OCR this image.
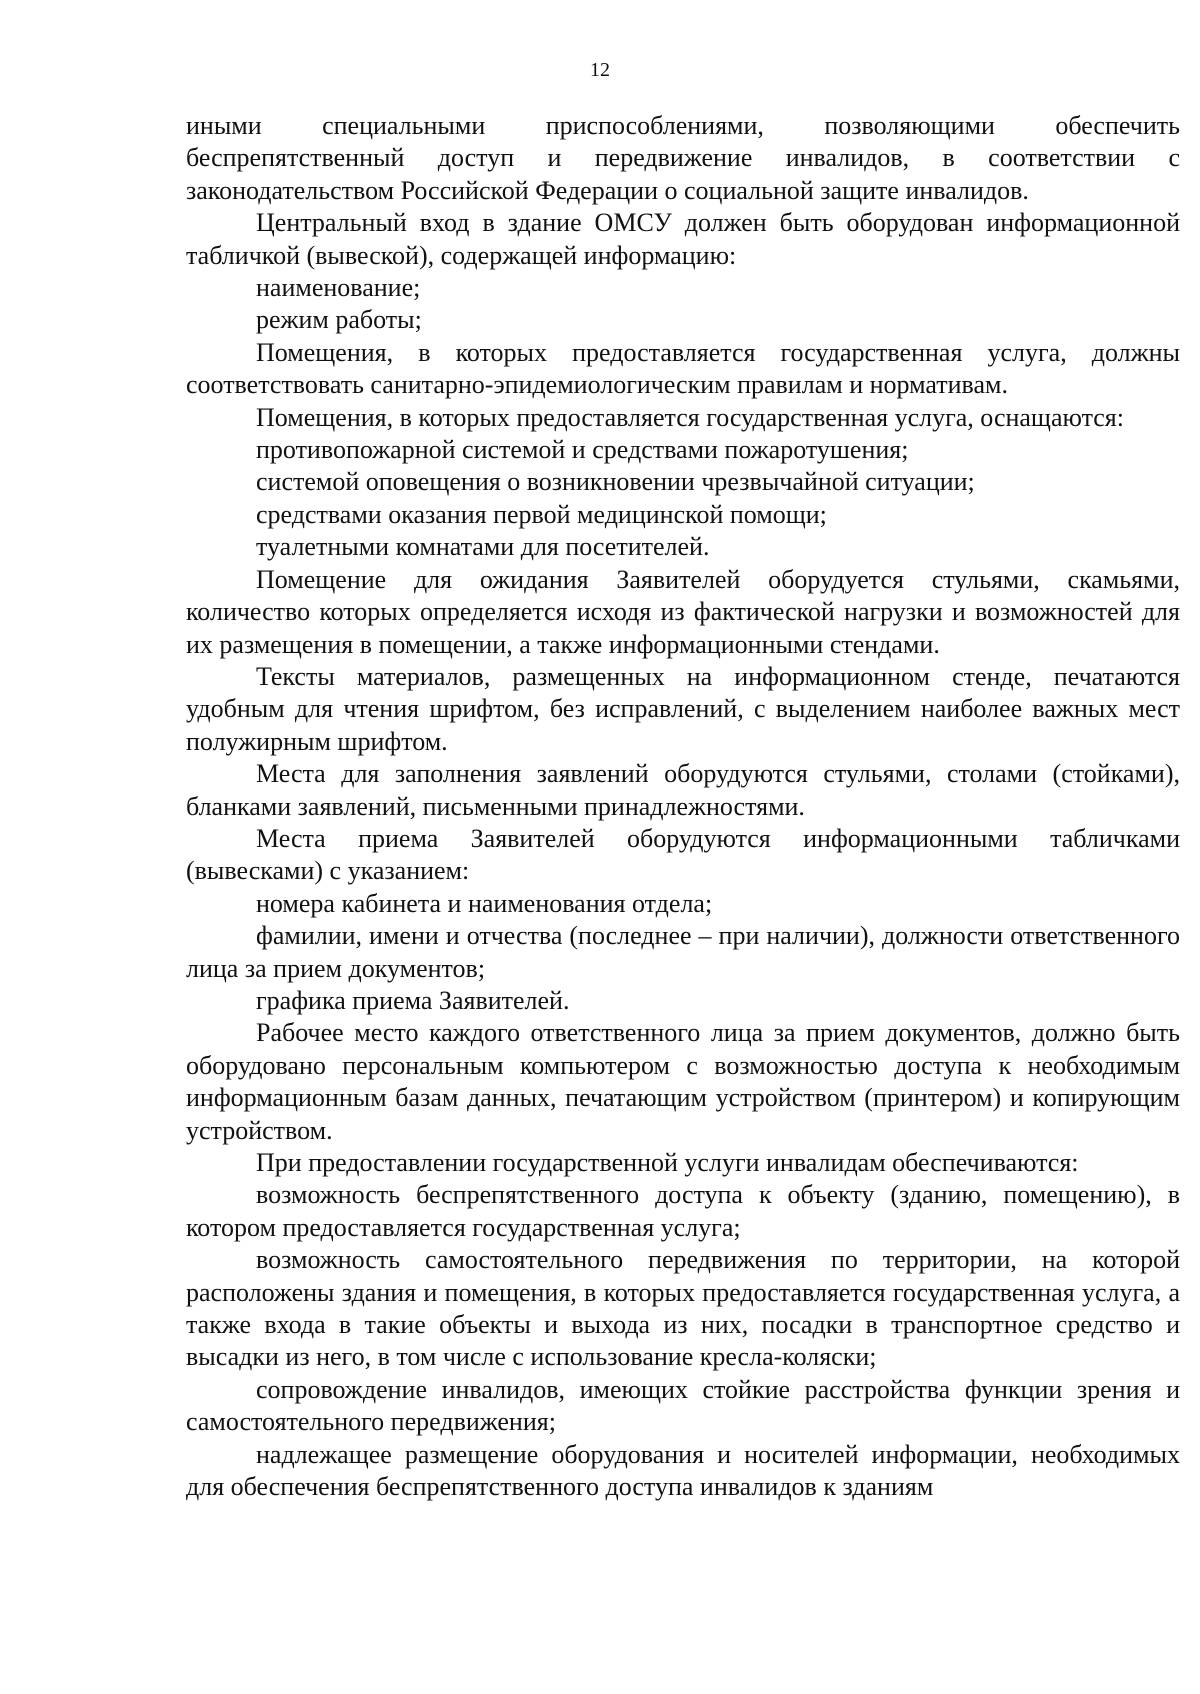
12

иными специальными приспособлениями, позволяющими обеспечить беспрепятственный доступ и передвижение инвалидов, в соответствии с законодательством Российской Федерации о социальной защите инвалидов.

Центральный вход в здание ОМСУ должен быть оборудован информационной табличкой (вывеской), содержащей информацию:

наименование;

режим работы;

Помещения, в которых предоставляется государственная услуга, должны соответствовать санитарно-эпидемиологическим правилам и нормативам.

Помещения, в которых предоставляется государственная услуга, оснащаются:

противопожарной системой и средствами пожаротушения;

системой оповещения о возникновении чрезвычайной ситуации;

средствами оказания первой медицинской помощи;

туалетными комнатами для посетителей.

Помещение для ожидания Заявителей оборудуется стульями, скамьями, количество которых определяется исходя из фактической нагрузки и возможностей для их размещения в помещении, а также информационными стендами.

Тексты материалов, размещенных на информационном стенде, печатаются удобным для чтения шрифтом, без исправлений, с выделением наиболее важных мест полужирным шрифтом.

Места для заполнения заявлений оборудуются стульями, столами (стойками), бланками заявлений, письменными принадлежностями.

Места приема Заявителей оборудуются информационными табличками (вывесками) с указанием:

номера кабинета и наименования отдела;

фамилии, имени и отчества (последнее – при наличии), должности ответственного лица за прием документов;

графика приема Заявителей.

Рабочее место каждого ответственного лица за прием документов, должно быть оборудовано персональным компьютером с возможностью доступа к необходимым информационным базам данных, печатающим устройством (принтером) и копирующим устройством.

При предоставлении государственной услуги инвалидам обеспечиваются:

возможность беспрепятственного доступа к объекту (зданию, помещению), в котором предоставляется государственная услуга;

возможность самостоятельного передвижения по территории, на которой расположены здания и помещения, в которых предоставляется государственная услуга, а также входа в такие объекты и выхода из них, посадки в транспортное средство и высадки из него, в том числе с использование кресла-коляски;

сопровождение инвалидов, имеющих стойкие расстройства функции зрения и самостоятельного передвижения;

надлежащее размещение оборудования и носителей информации, необходимых для обеспечения беспрепятственного доступа инвалидов к зданиям
